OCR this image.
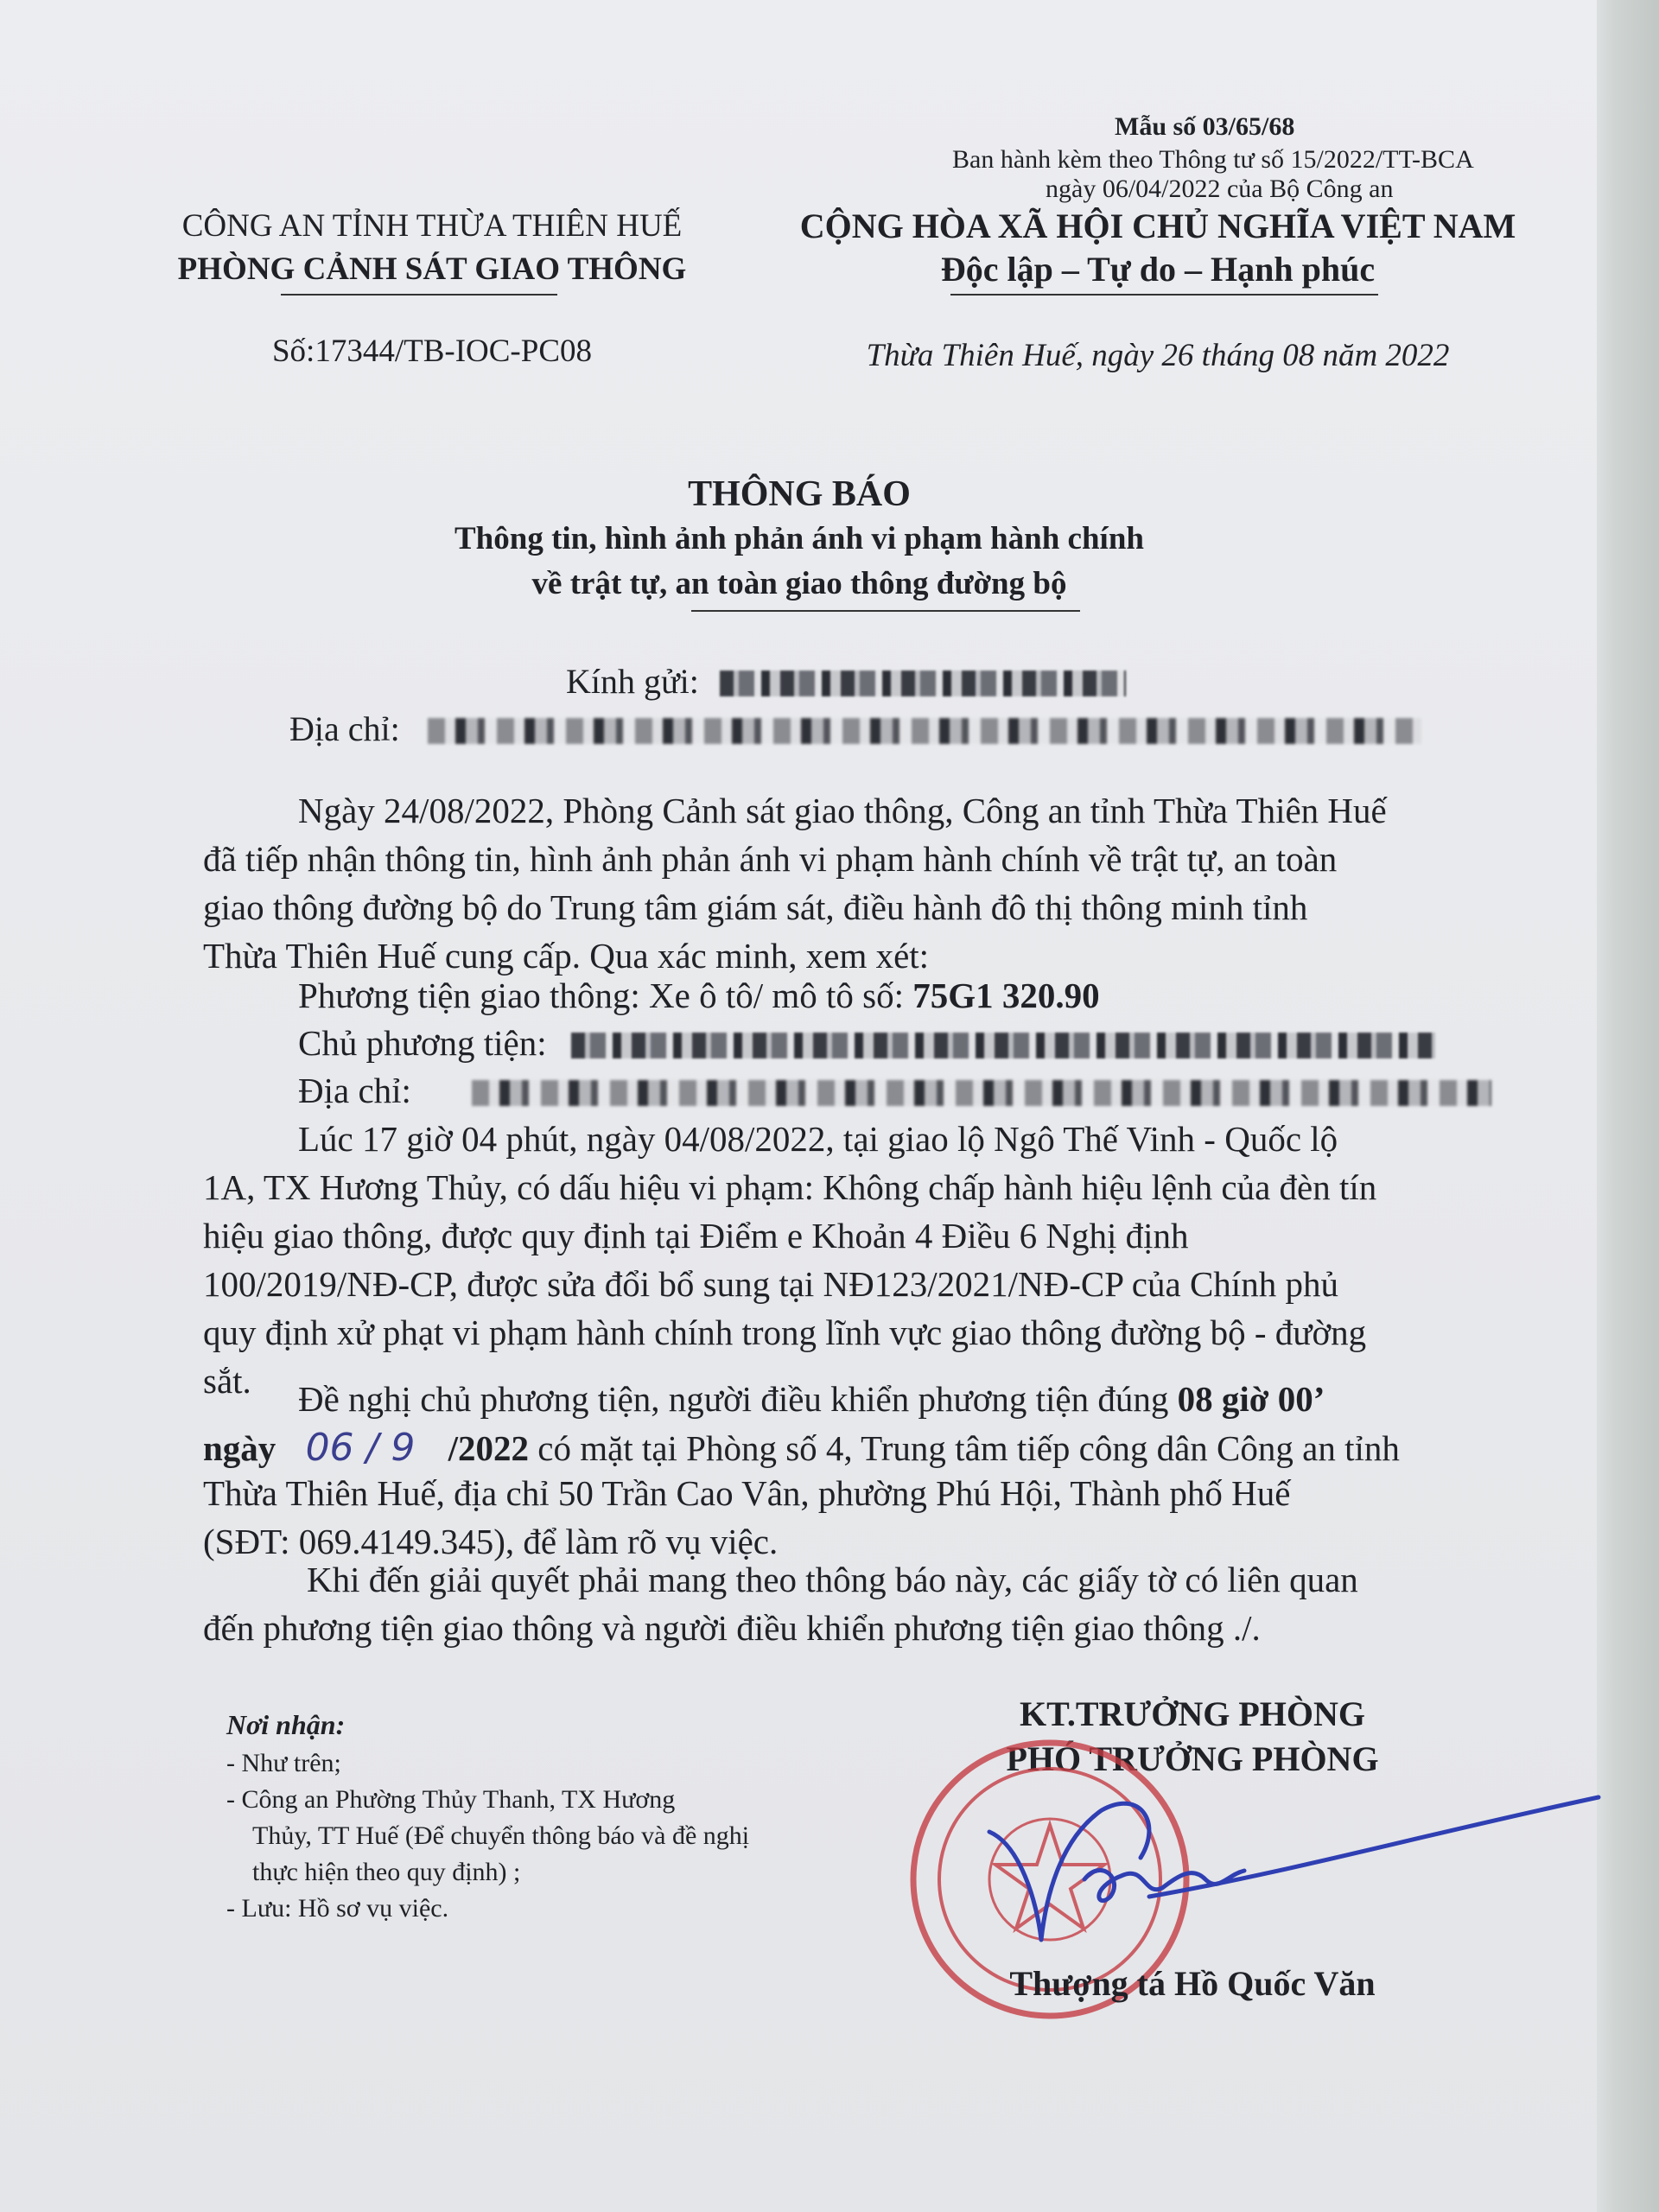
Mẫu số 03/65/68
Ban hành kèm theo Thông tư số 15/2022/TT-BCA
ngày 06/04/2022 của Bộ Công an
CÔNG AN TỈNH THỪA THIÊN HUẾ
PHÒNG CẢNH SÁT GIAO THÔNG
Số:17344/TB-IOC-PC08
CỘNG HÒA XÃ HỘI CHỦ NGHĨA VIỆT NAM
Độc lập – Tự do – Hạnh phúc
Thừa Thiên Huế, ngày 26 tháng 08 năm 2022
THÔNG BÁO
Thông tin, hình ảnh phản ánh vi phạm hành chính
về trật tự, an toàn giao thông đường bộ
Kính gửi:
Địa chỉ:
Ngày 24/08/2022, Phòng Cảnh sát giao thông, Công an tỉnh Thừa Thiên Huế
đã tiếp nhận thông tin, hình ảnh phản ánh vi phạm hành chính về trật tự, an toàn
giao thông đường bộ do Trung tâm giám sát, điều hành đô thị thông minh tỉnh
Thừa Thiên Huế cung cấp. Qua xác minh, xem xét:
Phương tiện giao thông: Xe ô tô/ mô tô số: 75G1 320.90
Chủ phương tiện:
Địa chỉ:
Lúc 17 giờ 04 phút, ngày 04/08/2022, tại giao lộ Ngô Thế Vinh - Quốc lộ
1A, TX Hương Thủy, có dấu hiệu vi phạm: Không chấp hành hiệu lệnh của đèn tín
hiệu giao thông, được quy định tại Điểm e Khoản 4 Điều 6 Nghị định
100/2019/NĐ-CP, được sửa đổi bổ sung tại NĐ123/2021/NĐ-CP của Chính phủ
quy định xử phạt vi phạm hành chính trong lĩnh vực giao thông đường bộ - đường
sắt.	Đề nghị chủ phương tiện, người điều khiển phương tiện đúng 08 giờ 00’
ngày 06 / 9 /2022 có mặt tại Phòng số 4, Trung tâm tiếp công dân Công an tỉnh
Thừa Thiên Huế, địa chỉ 50 Trần Cao Vân, phường Phú Hội, Thành phố Huế
(SĐT: 069.4149.345), để làm rõ vụ việc.
Khi đến giải quyết phải mang theo thông báo này, các giấy tờ có liên quan
đến phương tiện giao thông và người điều khiển phương tiện giao thông ./.
Nơi nhận:
- Như trên;
- Công an Phường Thủy Thanh, TX Hương
Thủy, TT Huế (Để chuyển thông báo và đề nghị
thực hiện theo quy định) ;
- Lưu: Hồ sơ vụ việc.
KT.TRƯỞNG PHÒNG
PHÓ TRƯỞNG PHÒNG
Thượng tá Hồ Quốc Văn
